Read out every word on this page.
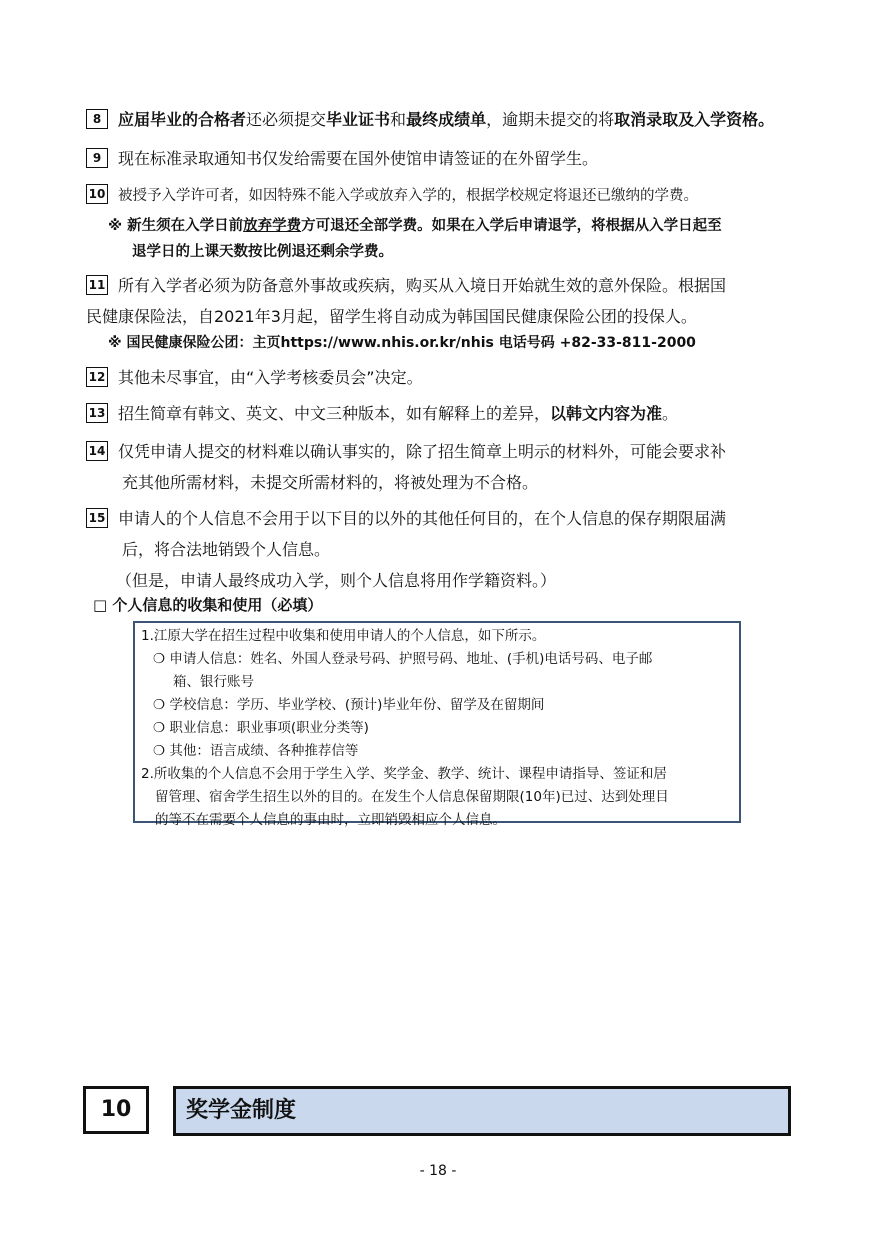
8 应届毕业的合格者还必须提交毕业证书和最终成绩单，逾期未提交的将取消录取及入学资格。
9 现在标准录取通知书仅发给需要在国外使馆申请签证的在外留学生。
10 被授予入学许可者，如因特殊不能入学或放弃入学的，根据学校规定将退还已缴纳的学费。
※ 新生须在入学日前放弃学费方可退还全部学费。如果在入学后申请退学，将根据从入学日起至
退学日的上课天数按比例退还剩余学费。
11 所有入学者必须为防备意外事故或疾病，购买从入境日开始就生效的意外保险。根据国
民健康保险法，自2021年3月起，留学生将自动成为韩国国民健康保险公团的投保人。
※ 国民健康保险公团：主页https://www.nhis.or.kr/nhis 电话号码 +82-33-811-2000
12 其他未尽事宜，由“入学考核委员会”决定。
13 招生简章有韩文、英文、中文三种版本，如有解释上的差异，以韩文内容为准。
14 仅凭申请人提交的材料难以确认事实的，除了招生简章上明示的材料外，可能会要求补
充其他所需材料，未提交所需材料的，将被处理为不合格。
15 申请人的个人信息不会用于以下目的以外的其他任何目的，在个人信息的保存期限届满
后，将合法地销毁个人信息。
（但是，申请人最终成功入学，则个人信息将用作学籍资料。）
□ 个人信息的收集和使用（必填）
1.江原大学在招生过程中收集和使用申请人的个人信息，如下所示。
❍ 申请人信息：姓名、外国人登录号码、护照号码、地址、(手机)电话号码、电子邮
箱、银行账号
❍ 学校信息：学历、毕业学校、(预计)毕业年份、留学及在留期间
❍ 职业信息：职业事项(职业分类等)
❍ 其他：语言成绩、各种推荐信等
2.所收集的个人信息不会用于学生入学、奖学金、教学、统计、课程申请指导、签证和居
留管理、宿舍学生招生以外的目的。在发生个人信息保留期限(10年)已过、达到处理目
的等不在需要个人信息的事由时，立即销毁相应个人信息。
10	奖学金制度
- 18 -
